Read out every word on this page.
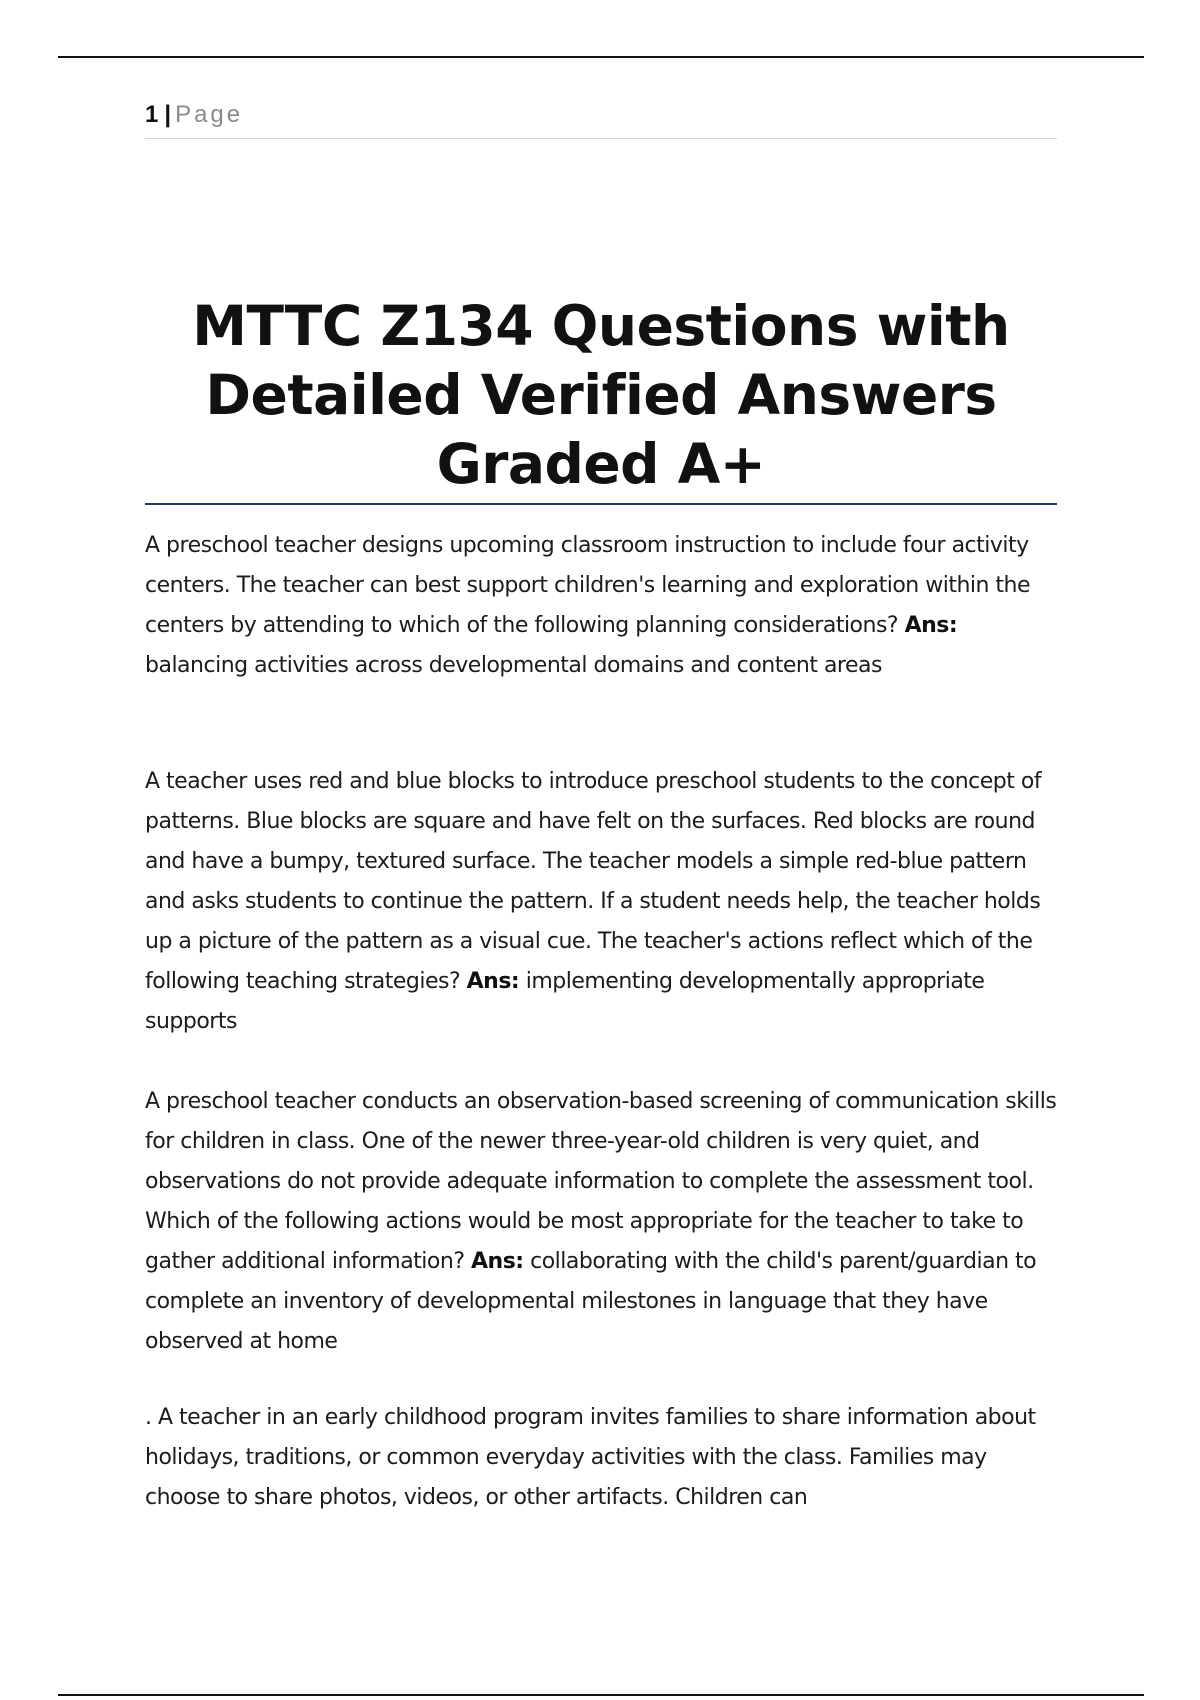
1 | Page
MTTC Z134 Questions with Detailed Verified Answers Graded A+

A preschool teacher designs upcoming classroom instruction to include four activity centers. The teacher can best support children's learning and exploration within the centers by attending to which of the following planning considerations? Ans: balancing activities across developmental domains and content areas

A teacher uses red and blue blocks to introduce preschool students to the concept of patterns. Blue blocks are square and have felt on the surfaces. Red blocks are round and have a bumpy, textured surface. The teacher models a simple red-blue pattern and asks students to continue the pattern. If a student needs help, the teacher holds up a picture of the pattern as a visual cue. The teacher's actions reflect which of the following teaching strategies? Ans: implementing developmentally appropriate supports

A preschool teacher conducts an observation-based screening of communication skills for children in class. One of the newer three-year-old children is very quiet, and observations do not provide adequate information to complete the assessment tool. Which of the following actions would be most appropriate for the teacher to take to gather additional information? Ans: collaborating with the child's parent/guardian to complete an inventory of developmental milestones in language that they have observed at home

. A teacher in an early childhood program invites families to share information about holidays, traditions, or common everyday activities with the class. Families may choose to share photos, videos, or other artifacts. Children can
